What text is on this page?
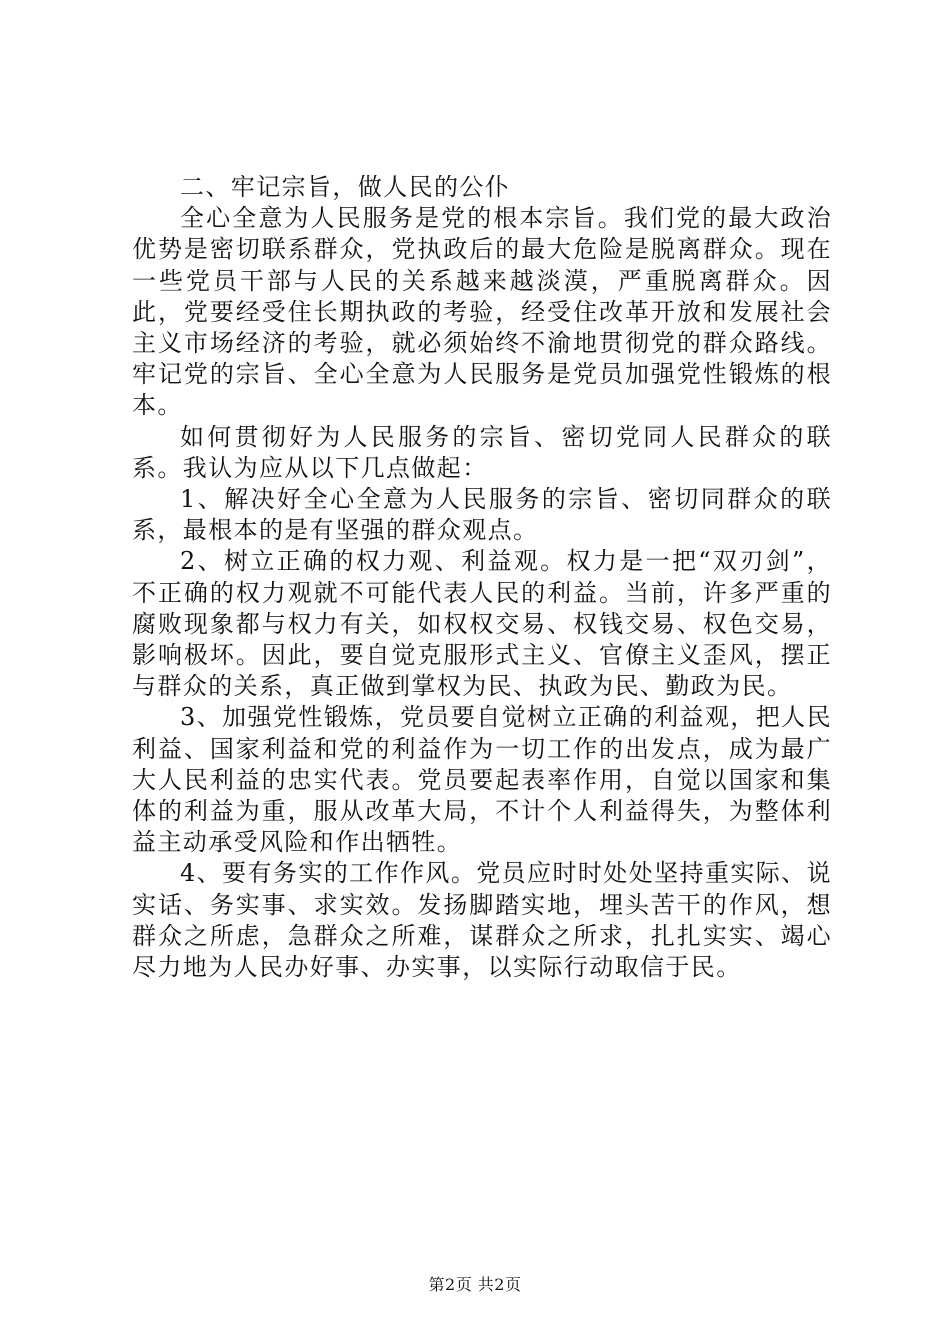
二、牢记宗旨，做人民的公仆

全心全意为人民服务是党的根本宗旨。我们党的最大政治优势是密切联系群众，党执政后的最大危险是脱离群众。现在一些党员干部与人民的关系越来越淡漠，严重脱离群众。因此，党要经受住长期执政的考验，经受住改革开放和发展社会主义市场经济的考验，就必须始终不渝地贯彻党的群众路线。牢记党的宗旨、全心全意为人民服务是党员加强党性锻炼的根本。

如何贯彻好为人民服务的宗旨、密切党同人民群众的联系。我认为应从以下几点做起：

1、解决好全心全意为人民服务的宗旨、密切同群众的联系，最根本的是有坚强的群众观点。

2、树立正确的权力观、利益观。权力是一把“双刃剑”，不正确的权力观就不可能代表人民的利益。当前，许多严重的腐败现象都与权力有关，如权权交易、权钱交易、权色交易，影响极坏。因此，要自觉克服形式主义、官僚主义歪风，摆正与群众的关系，真正做到掌权为民、执政为民、勤政为民。

3、加强党性锻炼，党员要自觉树立正确的利益观，把人民利益、国家利益和党的利益作为一切工作的出发点，成为最广大人民利益的忠实代表。党员要起表率作用，自觉以国家和集体的利益为重，服从改革大局，不计个人利益得失，为整体利益主动承受风险和作出牺牲。

4、要有务实的工作作风。党员应时时处处坚持重实际、说实话、务实事、求实效。发扬脚踏实地，埋头苦干的作风，想群众之所虑，急群众之所难，谋群众之所求，扎扎实实、竭心尽力地为人民办好事、办实事，以实际行动取信于民。

第2页 共2页
